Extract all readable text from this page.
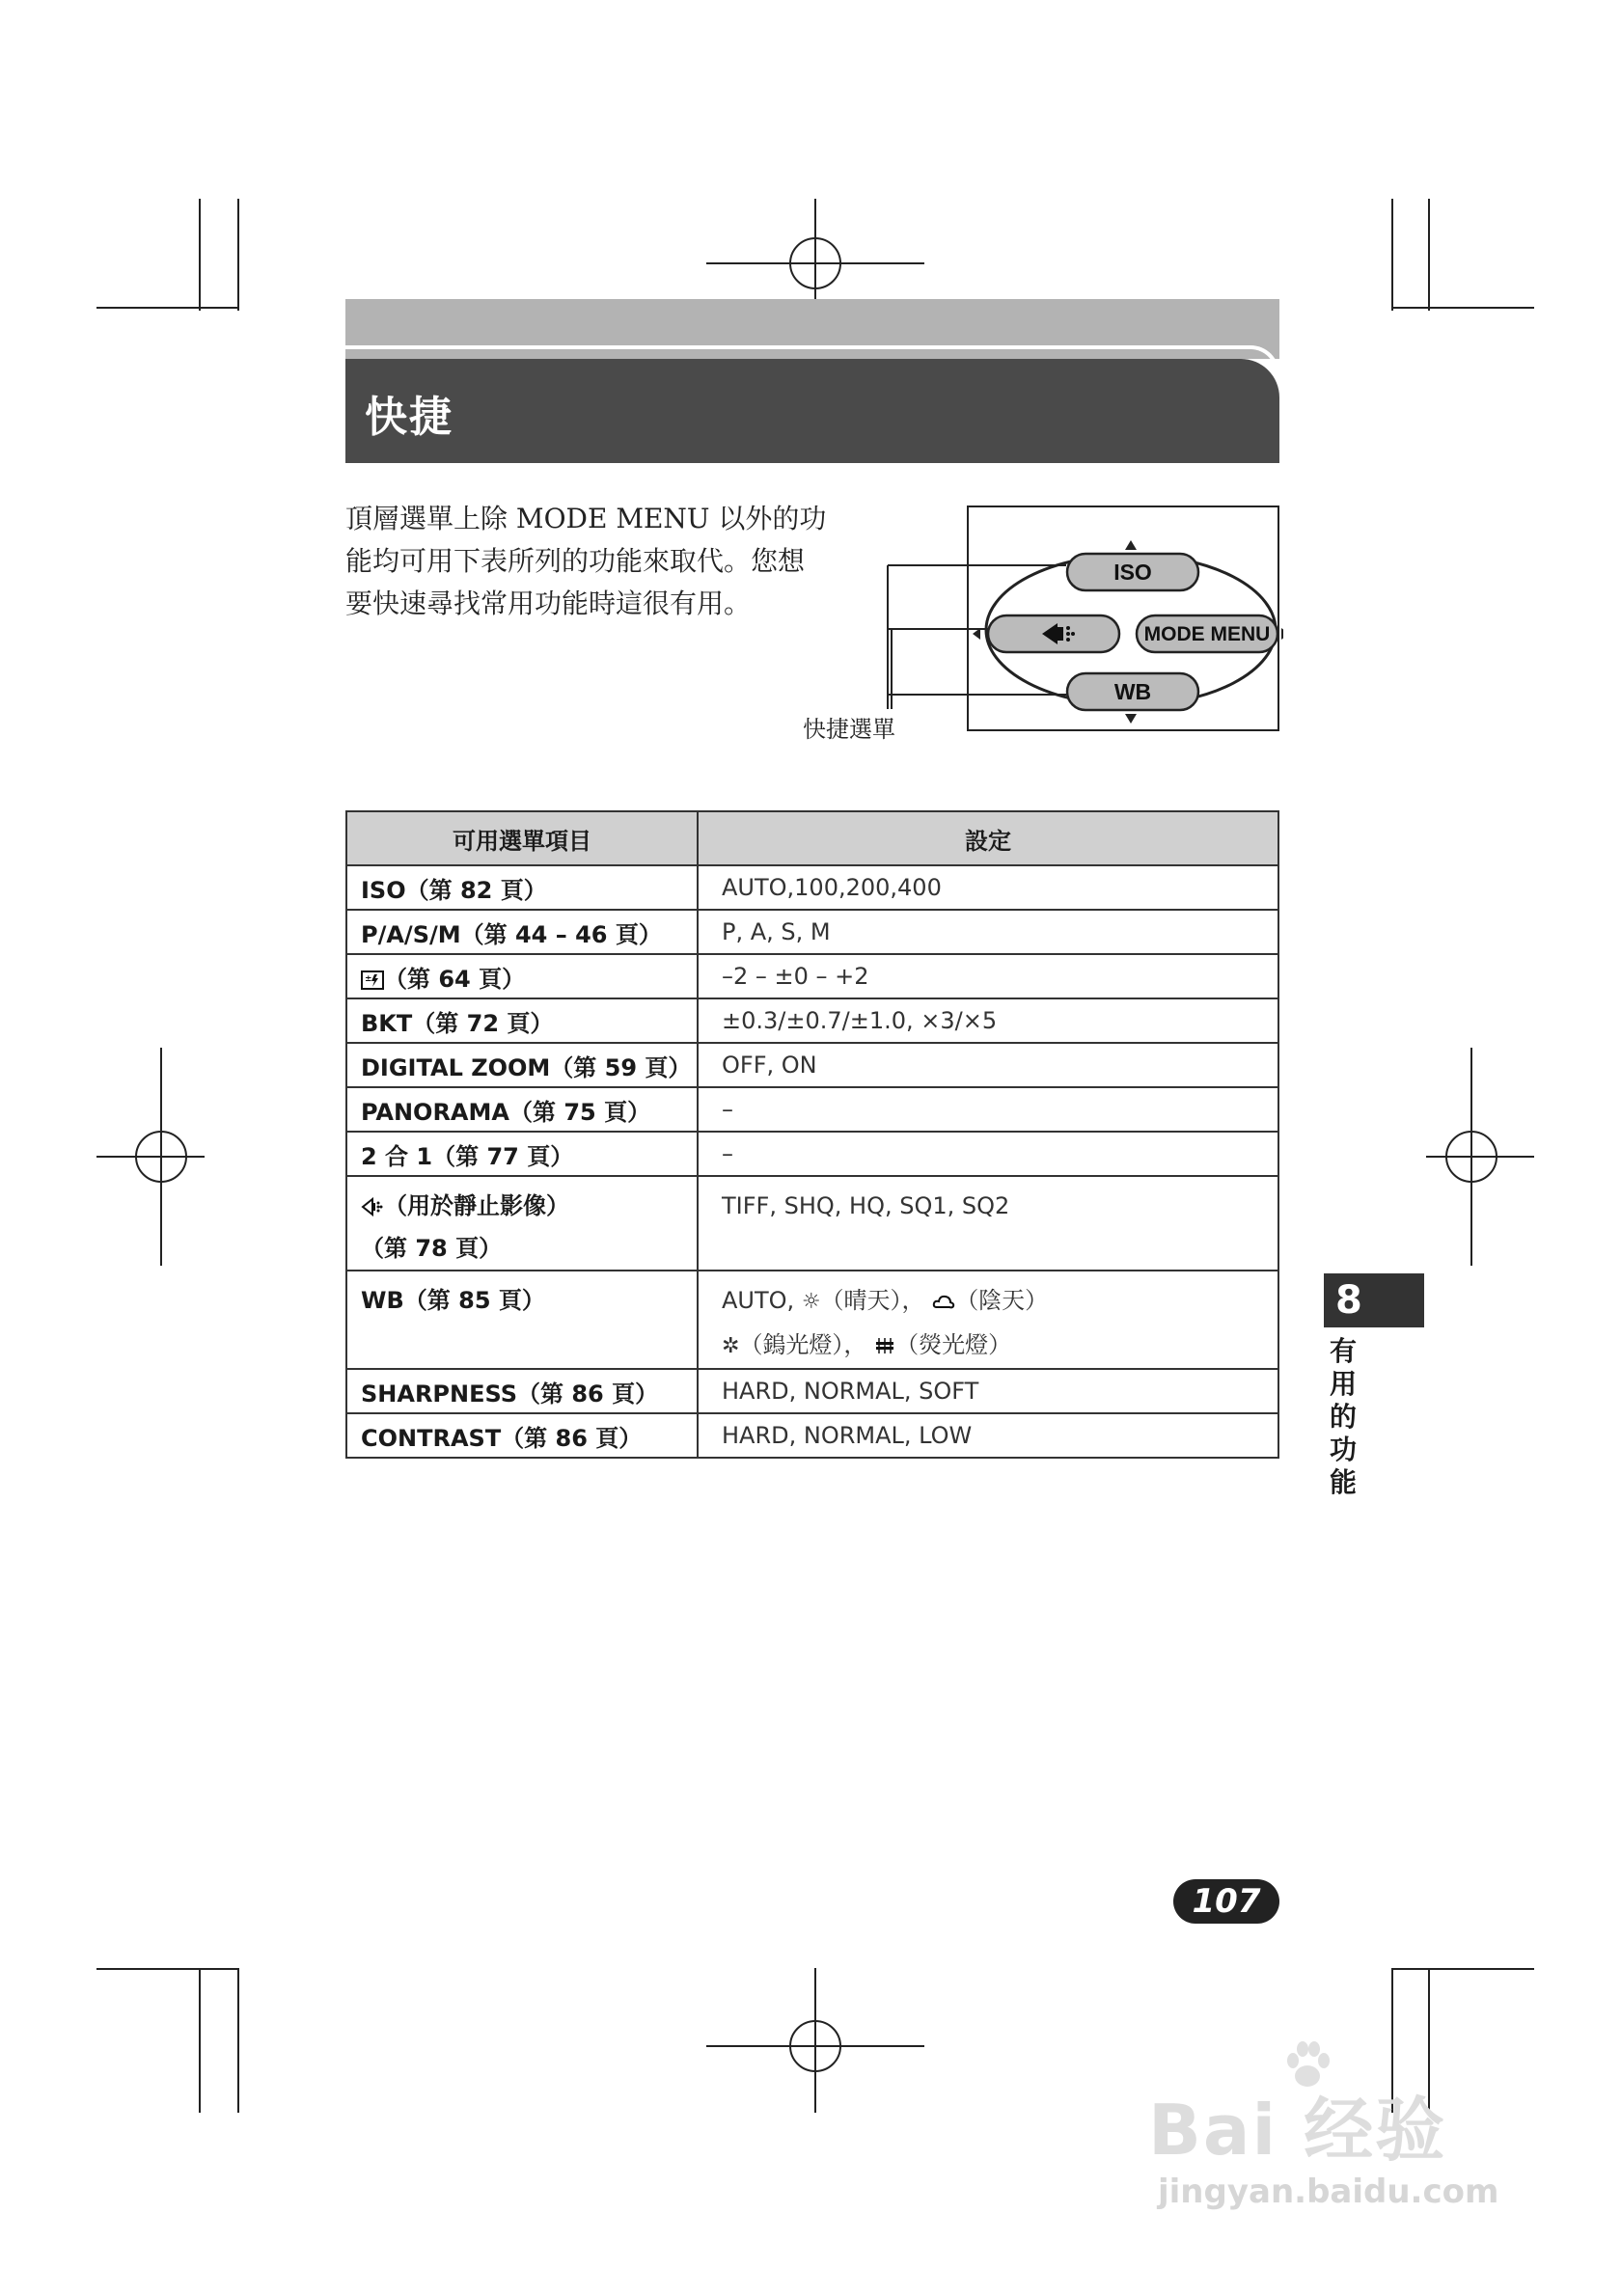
快捷
頂層選單上除 MODE MENU 以外的功能均可用下表所列的功能來取代。您想要快速尋找常用功能時這很有用。
ISO
WB
MODE MENU
快捷選單
可用選單項目	設定
ISO（第 82 頁）	AUTO,100,200,400
P/A/S/M（第 44 – 46 頁）	P, A, S, M

± （第 64 頁）	–2 – ±0 – +2
BKT（第 72 頁）	±0.3/±0.7/±1.0, ×3/×5
DIGITAL ZOOM（第 59 頁）	OFF, ON
PANORAMA（第 75 頁）	–
2 合 1（第 77 頁）	–
（用於靜止影像）
（第 78 頁）	TIFF, SHQ, HQ, SQ1, SQ2
WB（第 85 頁）	AUTO, ☼（晴天）， （陰天）
✲（鎢光燈）， （熒光燈）
SHARPNESS（第 86 頁）	HARD, NORMAL, SOFT
CONTRAST（第 86 頁）	HARD, NORMAL, LOW
8
有
用
的
功
能
107
Bai 经验
jingyan.baidu.com
